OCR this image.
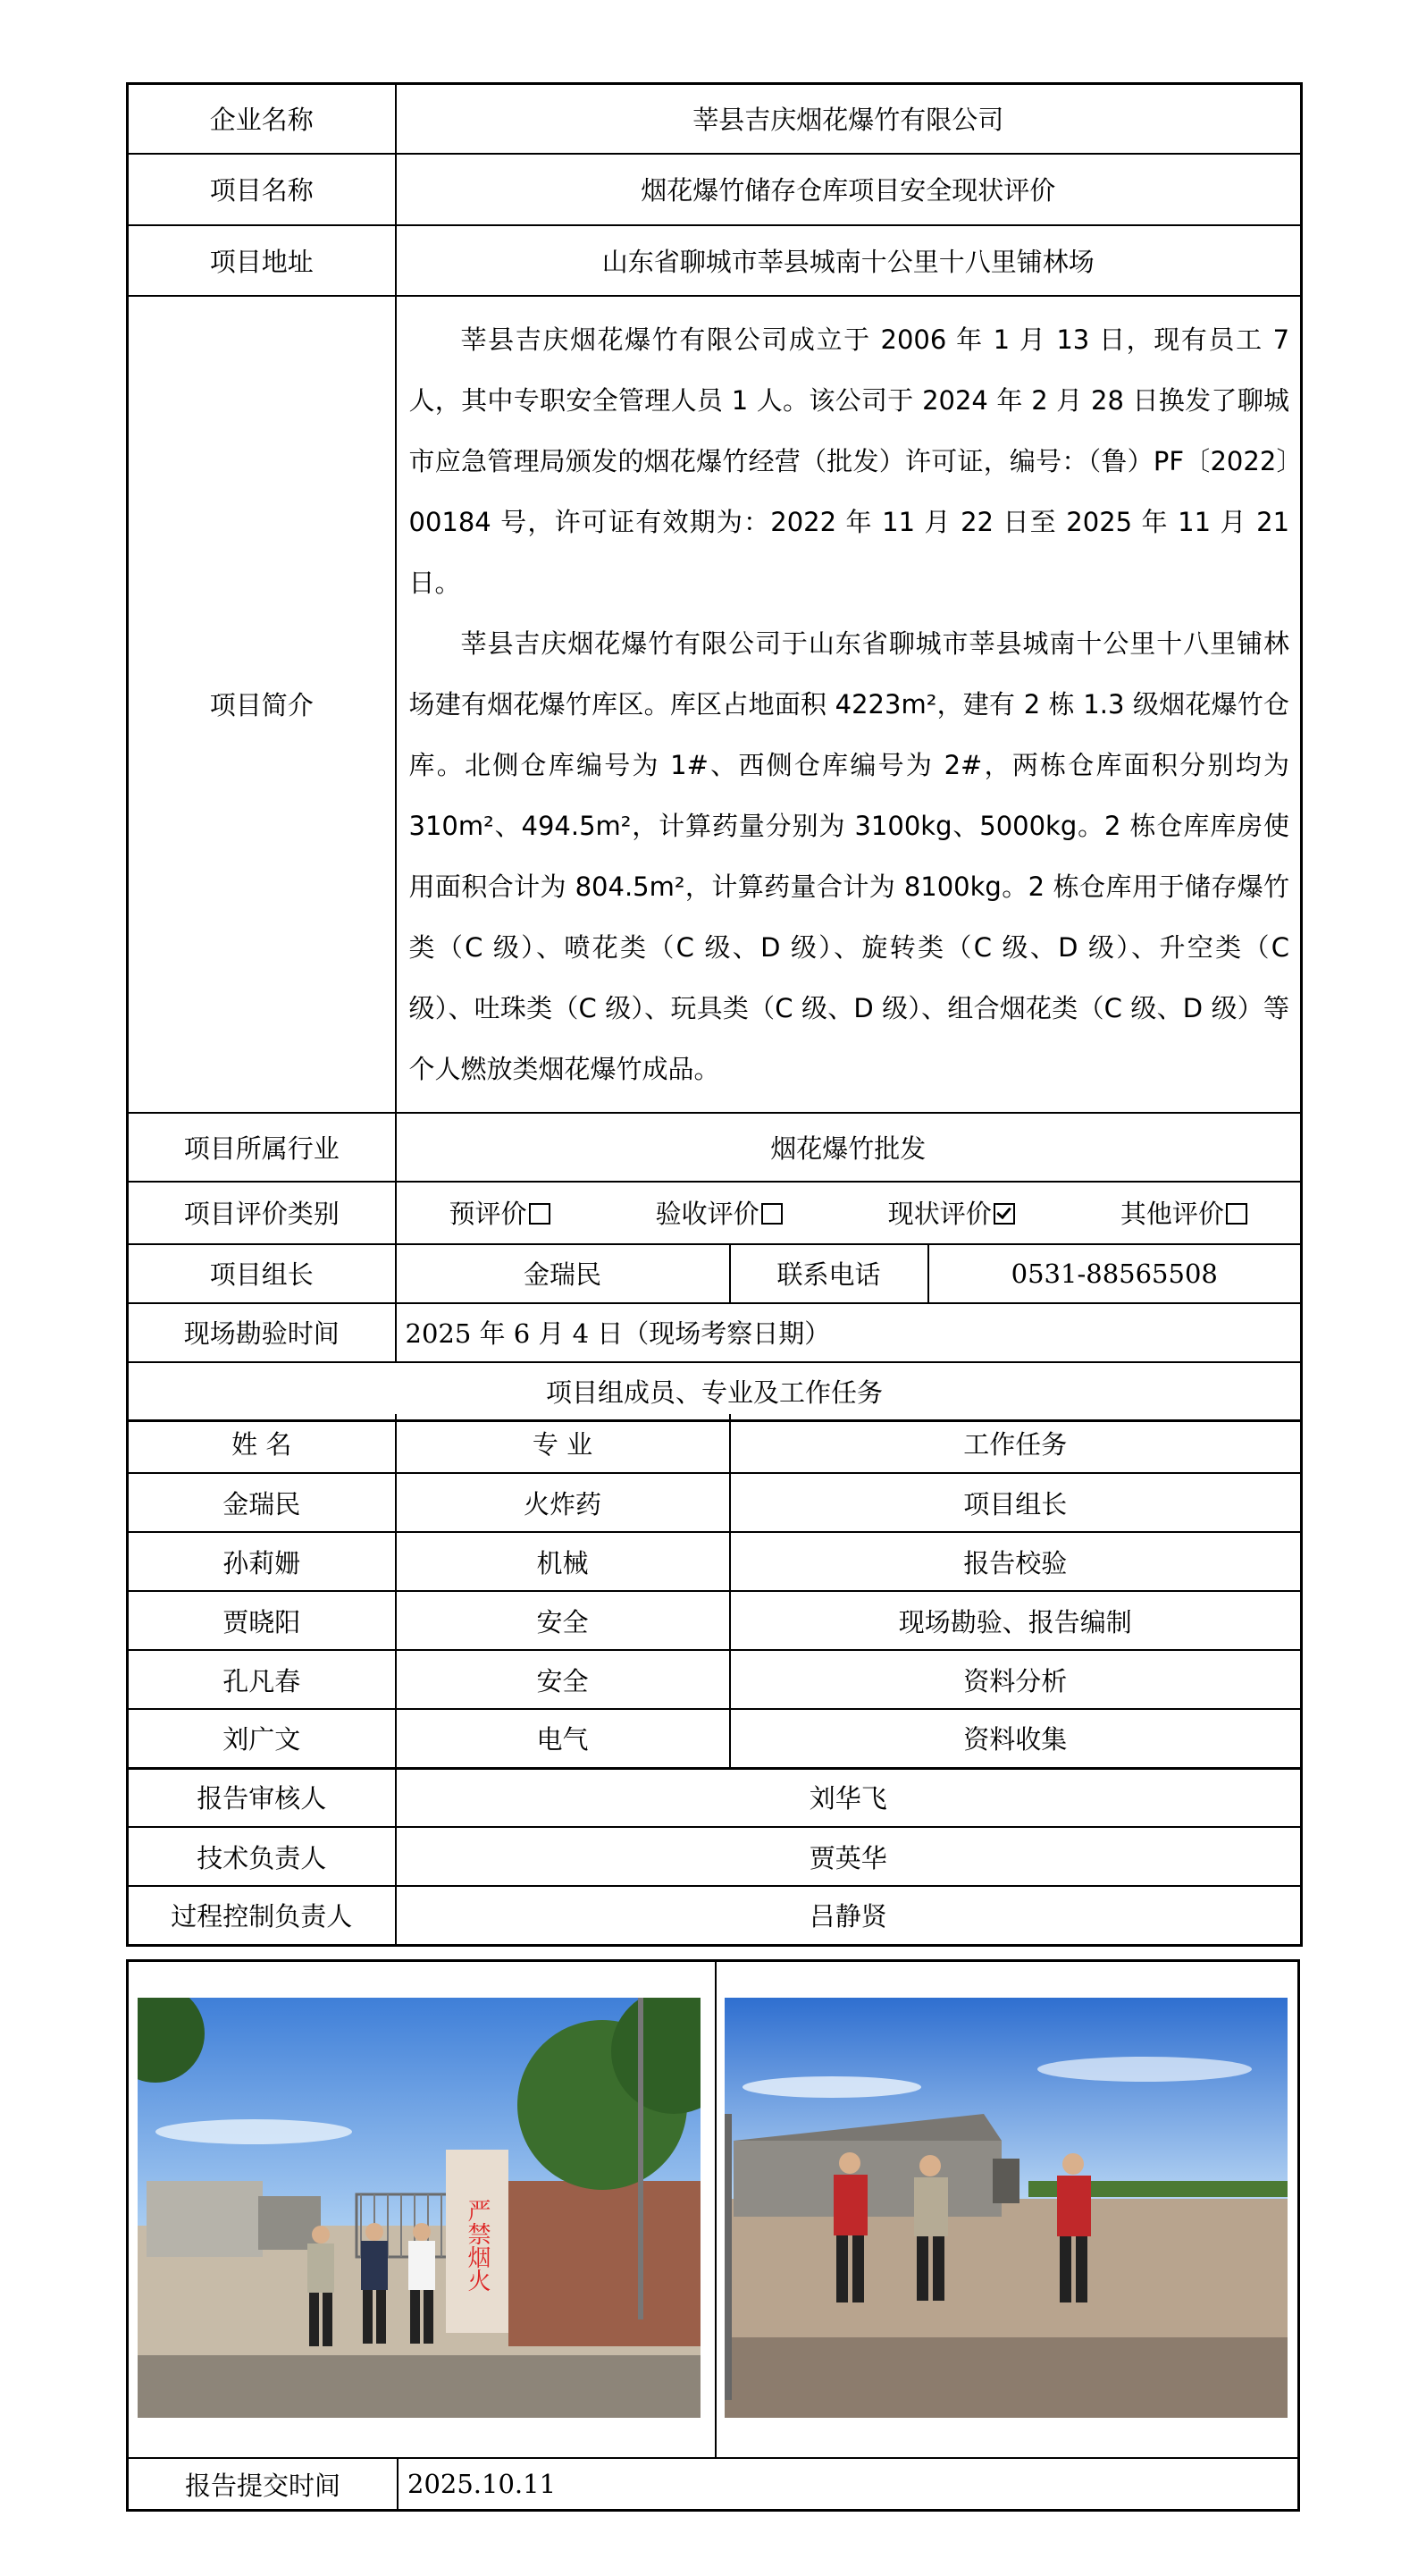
企业名称	莘县吉庆烟花爆竹有限公司		
项目名称	烟花爆竹储存仓库项目安全现状评价		
项目地址	山东省聊城市莘县城南十公里十八里铺林场		
项目简介	莘县吉庆烟花爆竹有限公司成立于 2006 年 1 月 13 日，现有员工 7 人，其中专职安全管理人员 1 人。该公司于 2024 年 2 月 28 日换发了聊城市应急管理局颁发的烟花爆竹经营（批发）许可证，编号：（鲁）PF〔2022〕00184 号，许可证有效期为：2022 年 11 月 22 日至 2025 年 11 月 21 日。

莘县吉庆烟花爆竹有限公司于山东省聊城市莘县城南十公里十八里铺林场建有烟花爆竹库区。库区占地面积 4223m²，建有 2 栋 1.3 级烟花爆竹仓库。北侧仓库编号为 1#、西侧仓库编号为 2#，两栋仓库面积分别均为 310m²、494.5m²，计算药量分别为 3100kg、5000kg。2 栋仓库库房使用面积合计为 804.5m²，计算药量合计为 8100kg。2 栋仓库用于储存爆竹类（C 级）、喷花类（C 级、D 级）、旋转类（C 级、D 级）、升空类（C 级）、吐珠类（C 级）、玩具类（C 级、D 级）、组合烟花类（C 级、D 级）等个人燃放类烟花爆竹成品。		

项目所属行业	烟花爆竹批发		
项目评价类别	预评价 验收评价 现状评价 其他评价		

项目组长	金瑞民	联系电话	0531-88565508
现场勘验时间	2025 年 6 月 4 日（现场考察日期）		
项目组成员、专业及工作任务			
姓 名	专 业	工作任务
金瑞民	火炸药	项目组长
孙莉姗	机械	报告校验
贾晓阳	安全	现场勘验、报告编制
孔凡春	安全	资料分析
刘广文	电气	资料收集
报告审核人	刘华飞
技术负责人	贾英华
过程控制负责人	吕静贤
严禁烟火
报告提交时间	2025.10.11
